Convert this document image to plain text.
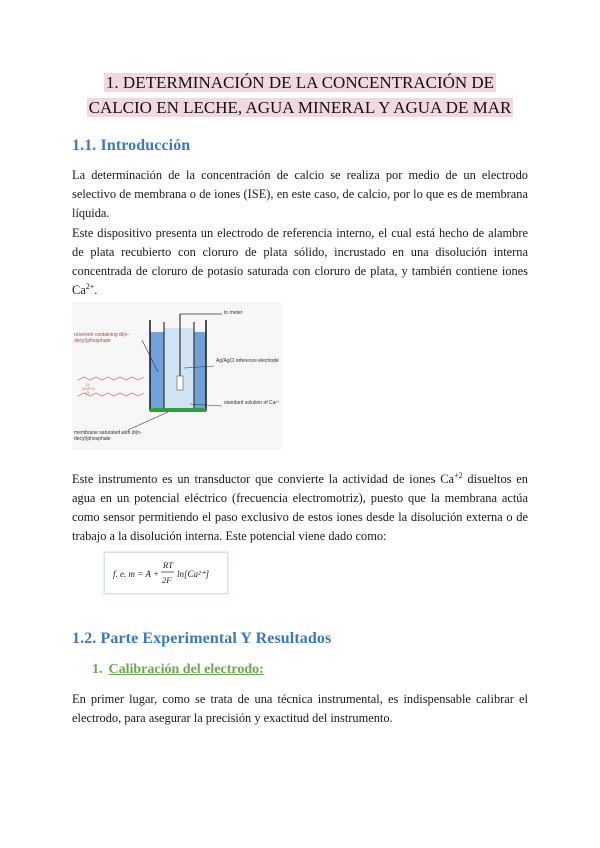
1. DETERMINACIÓN DE LA CONCENTRACIÓN DE
CALCIO EN LECHE, AGUA MINERAL Y AGUA DE MAR
1.1. Introducción

La determinación de la concentración de calcio se realiza por medio de un electrodo selectivo de membrana o de iones (ISE), en este caso, de calcio, por lo que es de membrana líquida.

Este dispositivo presenta un electrodo de referencia interno, el cual está hecho de alambre de plata recubierto con cloruro de plata sólido, incrustado en una disolución interna concentrada de cloruro de potasio saturada con cloruro de plata, y también contiene iones $Ca^{2+}$.

O
O=P-O
O
reservoir containing di(n-decyl)phosphate
to meter
Ag/AgCl reference electrode
standard solution of Ca²⁺
membrane saturated with di(n-decyl)phosphate

Este instrumento es un transductor que convierte la actividad de iones $Ca^{+2}$ disueltos en agua en un potencial eléctrico (frecuencia electromotriz), puesto que la membrana actúa como sensor permitiendo el paso exclusivo de estos iones desde la disolución externa o de trabajo a la disolución interna. Este potencial viene dado como:

f. e. m = A +
RT
2F
ln[Ca²⁺]
1.2. Parte Experimental Y Resultados
1. Calibración del electrodo:

En primer lugar, como se trata de una técnica instrumental, es indispensable calibrar el electrodo, para asegurar la precisión y exactitud del instrumento.
